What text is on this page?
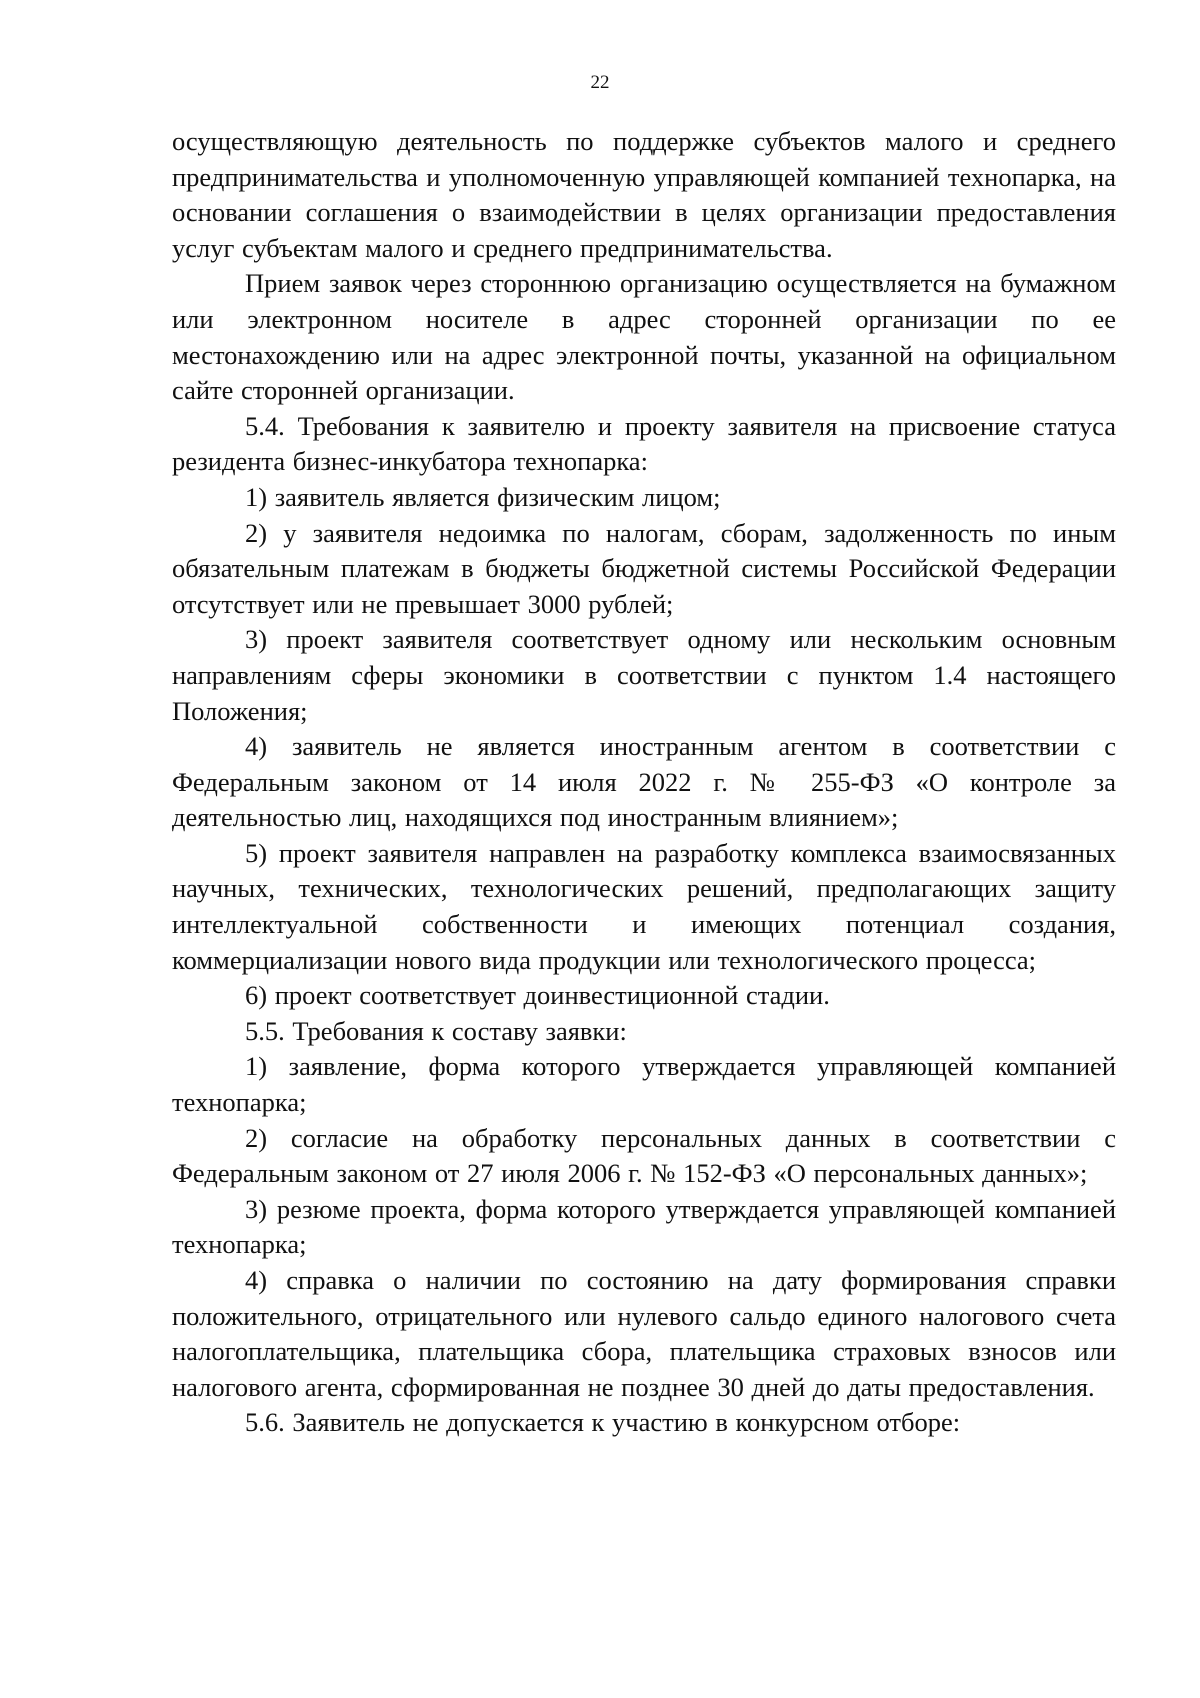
22

осуществляющую деятельность по поддержке субъектов малого и среднего предпринимательства и уполномоченную управляющей компанией технопарка, на основании соглашения о взаимодействии в целях организации предоставления услуг субъектам малого и среднего предпринимательства.

Прием заявок через стороннюю организацию осуществляется на бумажном или электронном носителе в адрес сторонней организации по ее местонахождению или на адрес электронной почты, указанной на официальном сайте сторонней организации.

5.4. Требования к заявителю и проекту заявителя на присвоение статуса резидента бизнес-инкубатора технопарка:

1) заявитель является физическим лицом;

2) у заявителя недоимка по налогам, сборам, задолженность по иным обязательным платежам в бюджеты бюджетной системы Российской Федерации отсутствует или не превышает 3000 рублей;

3) проект заявителя соответствует одному или нескольким основным направлениям сферы экономики в соответствии с пунктом 1.4 настоящего Положения;

4) заявитель не является иностранным агентом в соответствии с Федеральным законом от 14 июля 2022 г. № 255-ФЗ «О контроле за деятельностью лиц, находящихся под иностранным влиянием»;

5) проект заявителя направлен на разработку комплекса взаимосвязанных научных, технических, технологических решений, предполагающих защиту интеллектуальной собственности и имеющих потенциал создания, коммерциализации нового вида продукции или технологического процесса;

6) проект соответствует доинвестиционной стадии.

5.5. Требования к составу заявки:

1) заявление, форма которого утверждается управляющей компанией технопарка;

2) согласие на обработку персональных данных в соответствии с Федеральным законом от 27 июля 2006 г. № 152-ФЗ «О персональных данных»;

3) резюме проекта, форма которого утверждается управляющей компанией технопарка;

4) справка о наличии по состоянию на дату формирования справки положительного, отрицательного или нулевого сальдо единого налогового счета налогоплательщика, плательщика сбора, плательщика страховых взносов или налогового агента, сформированная не позднее 30 дней до даты предоставления.

5.6. Заявитель не допускается к участию в конкурсном отборе:
